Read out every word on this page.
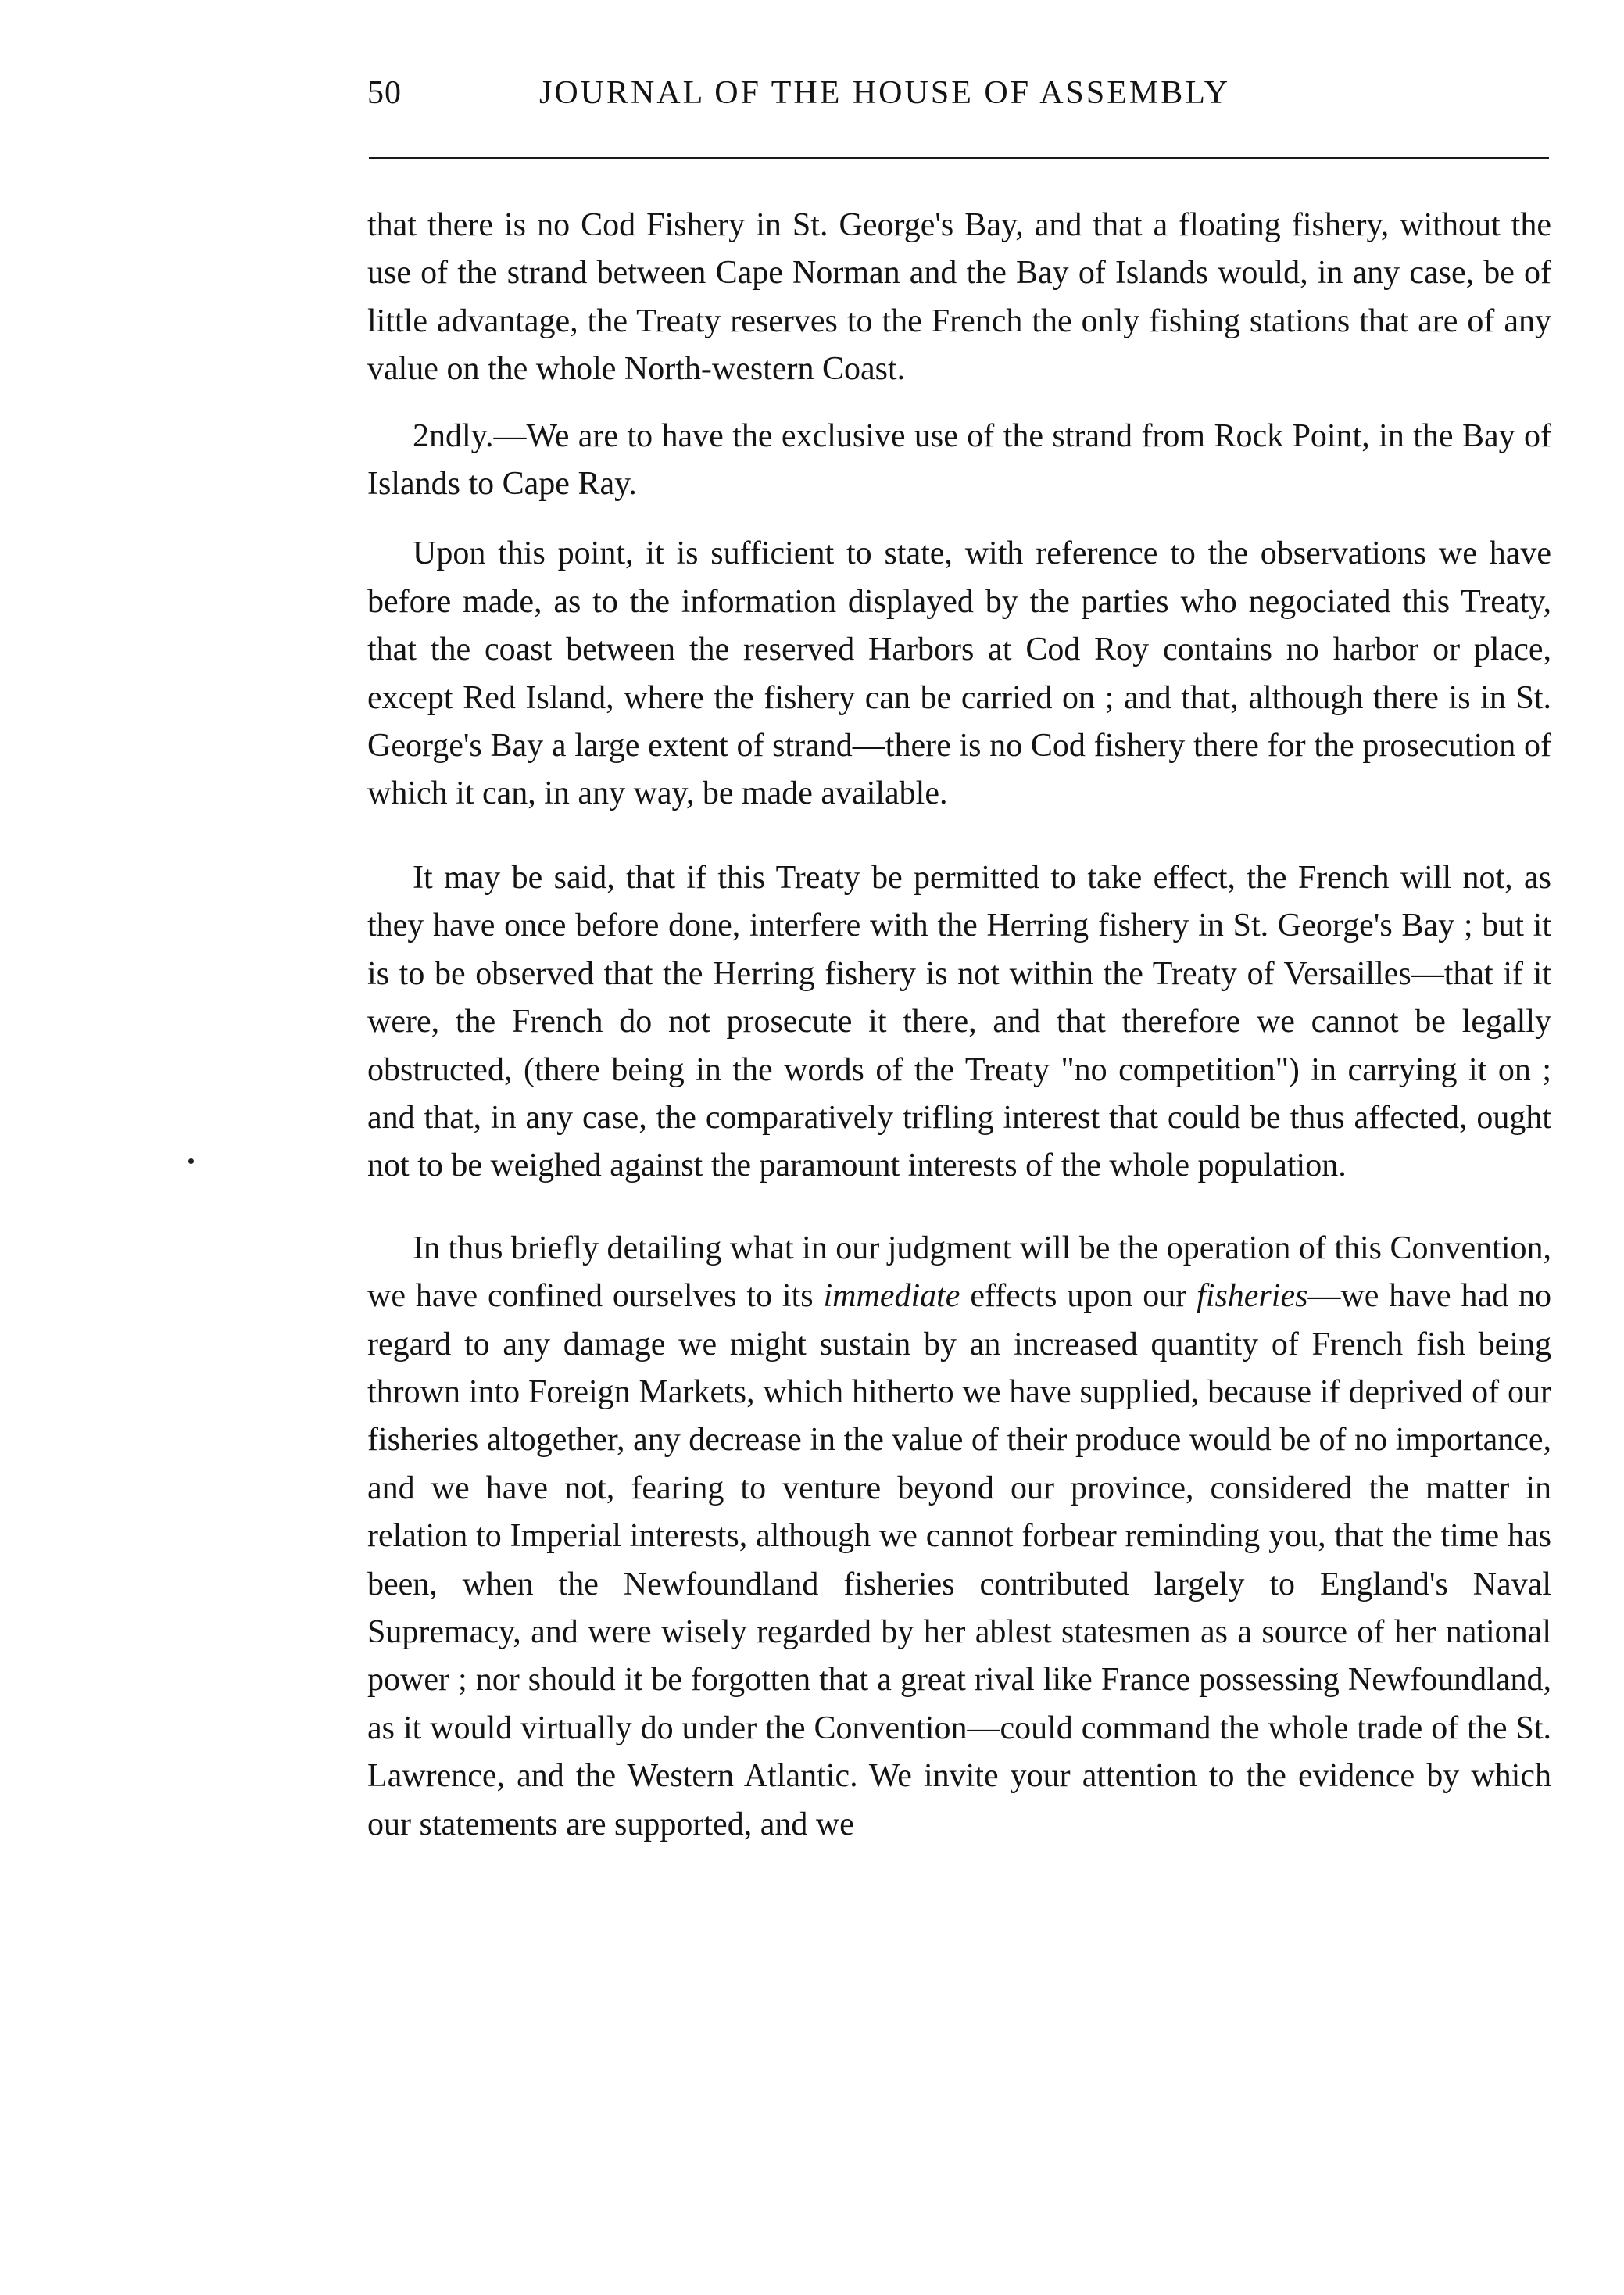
50	JOURNAL OF THE HOUSE OF ASSEMBLY

that there is no Cod Fishery in St. George's Bay, and that a floating fishery, without the use of the strand between Cape Norman and the Bay of Islands would, in any case, be of little advantage, the Treaty reserves to the French the only fishing stations that are of any value on the whole North-western Coast.

2ndly.—We are to have the exclusive use of the strand from Rock Point, in the Bay of Islands to Cape Ray.

Upon this point, it is sufficient to state, with reference to the observations we have before made, as to the information displayed by the parties who negociated this Treaty, that the coast between the reserved Harbors at Cod Roy contains no harbor or place, except Red Island, where the fishery can be carried on ; and that, although there is in St. George's Bay a large extent of strand—there is no Cod fishery there for the prosecution of which it can, in any way, be made available.

It may be said, that if this Treaty be permitted to take effect, the French will not, as they have once before done, interfere with the Herring fishery in St. George's Bay ; but it is to be observed that the Herring fishery is not within the Treaty of Versailles—that if it were, the French do not prosecute it there, and that therefore we cannot be legally obstructed, (there being in the words of the Treaty "no competition") in carrying it on ; and that, in any case, the comparatively trifling interest that could be thus affected, ought not to be weighed against the paramount interests of the whole population.

In thus briefly detailing what in our judgment will be the operation of this Convention, we have confined ourselves to its immediate effects upon our fisheries—we have had no regard to any damage we might sustain by an increased quantity of French fish being thrown into Foreign Markets, which hitherto we have supplied, because if deprived of our fisheries altogether, any decrease in the value of their produce would be of no importance, and we have not, fearing to venture beyond our province, considered the matter in relation to Imperial interests, although we cannot forbear reminding you, that the time has been, when the Newfoundland fisheries contributed largely to England's Naval Supremacy, and were wisely regarded by her ablest statesmen as a source of her national power ; nor should it be forgotten that a great rival like France possessing Newfoundland, as it would virtually do under the Convention—could command the whole trade of the St. Lawrence, and the Western Atlantic. We invite your attention to the evidence by which our statements are supported, and we
